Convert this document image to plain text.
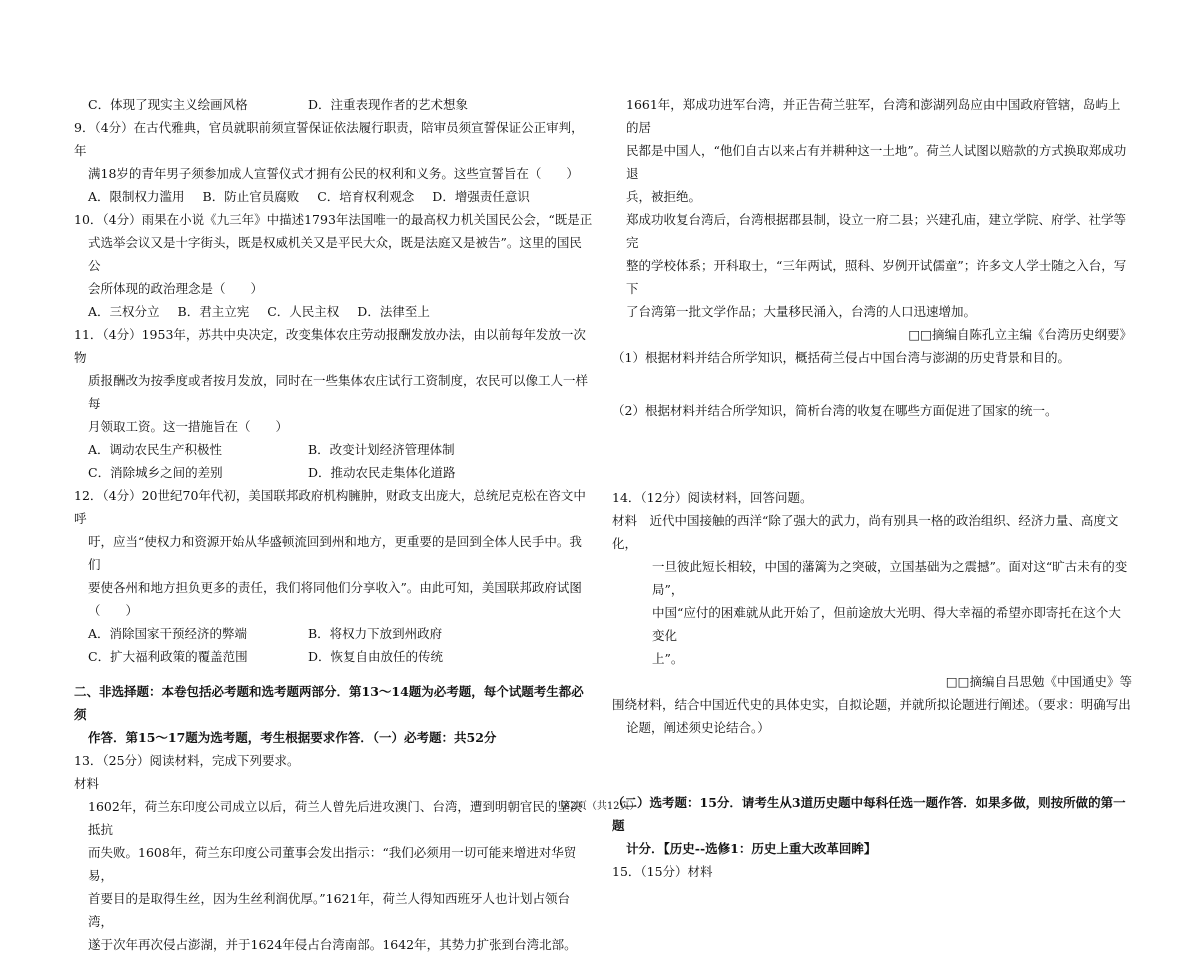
C．体现了现实主义绘画风格	D．注重表现作者的艺术想象

9．（4分）在古代雅典，官员就职前须宣誓保证依法履行职责，陪审员须宣誓保证公正审判，年

满18岁的青年男子须参加成人宣誓仪式才拥有公民的权利和义务。这些宣誓旨在（　　）

A．限制权力滥用 B．防止官员腐败 C．培育权利观念 D．增强责任意识

10．（4分）雨果在小说《九三年》中描述1793年法国唯一的最高权力机关国民公会，“既是正

式选举会议又是十字街头，既是权威机关又是平民大众，既是法庭又是被告”。这里的国民公

会所体现的政治理念是（　　）

A．三权分立 B．君主立宪 C．人民主权 D．法律至上

11．（4分）1953年，苏共中央决定，改变集体农庄劳动报酬发放办法，由以前每年发放一次物

质报酬改为按季度或者按月发放，同时在一些集体农庄试行工资制度，农民可以像工人一样每

月领取工资。这一措施旨在（　　）

A．调动农民生产积极性	B．改变计划经济管理体制
C．消除城乡之间的差别	D．推动农民走集体化道路

12．（4分）20世纪70年代初，美国联邦政府机构臃肿，财政支出庞大，总统尼克松在咨文中呼

吁，应当“使权力和资源开始从华盛顿流回到州和地方，更重要的是回到全体人民手中。我们

要使各州和地方担负更多的责任，我们将同他们分享收入”。由此可知，美国联邦政府试图

（　　）

A．消除国家干预经济的弊端	B．将权力下放到州政府
C．扩大福利政策的覆盖范围	D．恢复自由放任的传统

二、非选择题：本卷包括必考题和选考题两部分．第13～14题为必考题，每个试题考生都必须

作答．第15～17题为选考题，考生根据要求作答．（一）必考题：共52分

13．（25分）阅读材料，完成下列要求。

材料

1602年，荷兰东印度公司成立以后，荷兰人曾先后进攻澳门、台湾，遭到明朝官民的坚决抵抗

而失败。1608年，荷兰东印度公司董事会发出指示：“我们必须用一切可能来增进对华贸易，

首要目的是取得生丝，因为生丝利润优厚。”1621年，荷兰人得知西班牙人也计划占领台湾，

遂于次年再次侵占澎湖，并于1624年侵占台湾南部。1642年，其势力扩张到台湾北部。

1661年，郑成功进军台湾，并正告荷兰驻军，台湾和澎湖列岛应由中国政府管辖，岛屿上的居

民都是中国人，“他们自古以来占有并耕种这一土地”。荷兰人试图以赔款的方式换取郑成功退

兵，被拒绝。

郑成功收复台湾后，台湾根据郡县制，设立一府二县；兴建孔庙，建立学院、府学、社学等完

整的学校体系；开科取士，“三年两试，照科、岁例开试儒童”；许多文人学士随之入台，写下

了台湾第一批文学作品；大量移民涌入，台湾的人口迅速增加。

□□摘编自陈孔立主编《台湾历史纲要》

（1）根据材料并结合所学知识，概括荷兰侵占中国台湾与澎湖的历史背景和目的。

（2）根据材料并结合所学知识，简析台湾的收复在哪些方面促进了国家的统一。

14．（12分）阅读材料，回答问题。

材料　近代中国接触的西洋“除了强大的武力，尚有别具一格的政治组织、经济力量、高度文化，

一旦彼此短长相较，中国的藩篱为之突破，立国基础为之震撼”。面对这“旷古未有的变局”，

中国“应付的困难就从此开始了，但前途放大光明、得大幸福的希望亦即寄托在这个大变化

上”。

□□摘编自吕思勉《中国通史》等

围绕材料，结合中国近代史的具体史实，自拟论题，并就所拟论题进行阐述。（要求：明确写出

论题，阐述须史论结合。）

（二）选考题：15分．请考生从3道历史题中每科任选一题作答．如果多做，则按所做的第一题

计分．【历史--选修1：历史上重大改革回眸】

15．（15分）材料

第2页（共12页）
